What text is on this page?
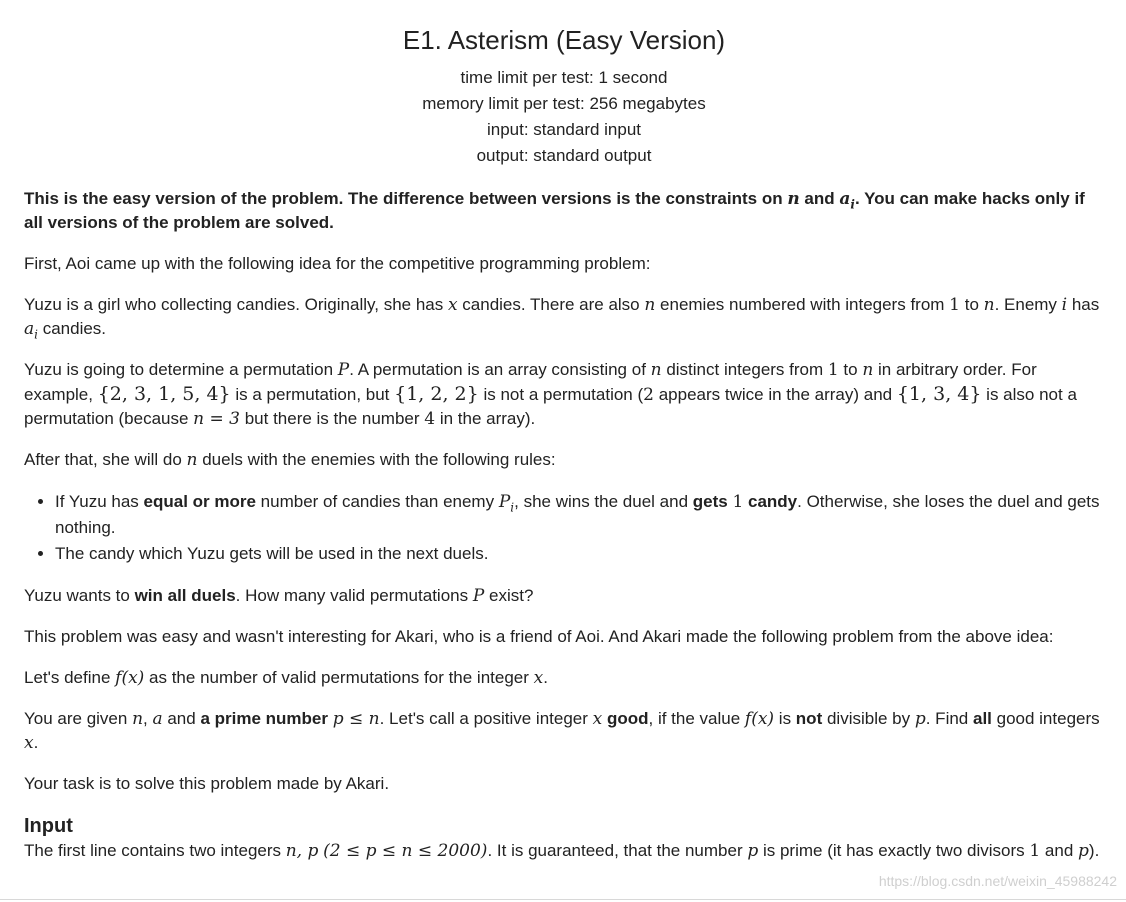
E1. Asterism (Easy Version)
time limit per test: 1 second
memory limit per test: 256 megabytes
input: standard input
output: standard output

This is the easy version of the problem. The difference between versions is the constraints on n and $a_i$. You can make hacks only if all versions of the problem are solved.

First, Aoi came up with the following idea for the competitive programming problem:

Yuzu is a girl who collecting candies. Originally, she has x candies. There are also n enemies numbered with integers from 1 to n. Enemy i has $a_i$ candies.

Yuzu is going to determine a permutation P. A permutation is an array consisting of n distinct integers from 1 to n in arbitrary order. For example, {2, 3, 1, 5, 4} is a permutation, but {1, 2, 2} is not a permutation (2 appears twice in the array) and {1, 3, 4} is also not a permutation (because n = 3 but there is the number 4 in the array).

After that, she will do n duels with the enemies with the following rules:

• If Yuzu has equal or more number of candies than enemy $P_i$, she wins the duel and gets 1 candy. Otherwise, she loses the duel and gets nothing.
• The candy which Yuzu gets will be used in the next duels.

Yuzu wants to win all duels. How many valid permutations P exist?

This problem was easy and wasn't interesting for Akari, who is a friend of Aoi. And Akari made the following problem from the above idea:

Let's define f(x) as the number of valid permutations for the integer x.

You are given n, a and a prime number p ≤ n. Let's call a positive integer x good, if the value f(x) is not divisible by p. Find all good integers x.

Your task is to solve this problem made by Akari.

Input
The first line contains two integers n, p (2 ≤ p ≤ n ≤ 2000). It is guaranteed, that the number p is prime (it has exactly two divisors 1 and p).
https://blog.csdn.net/weixin_45988242
